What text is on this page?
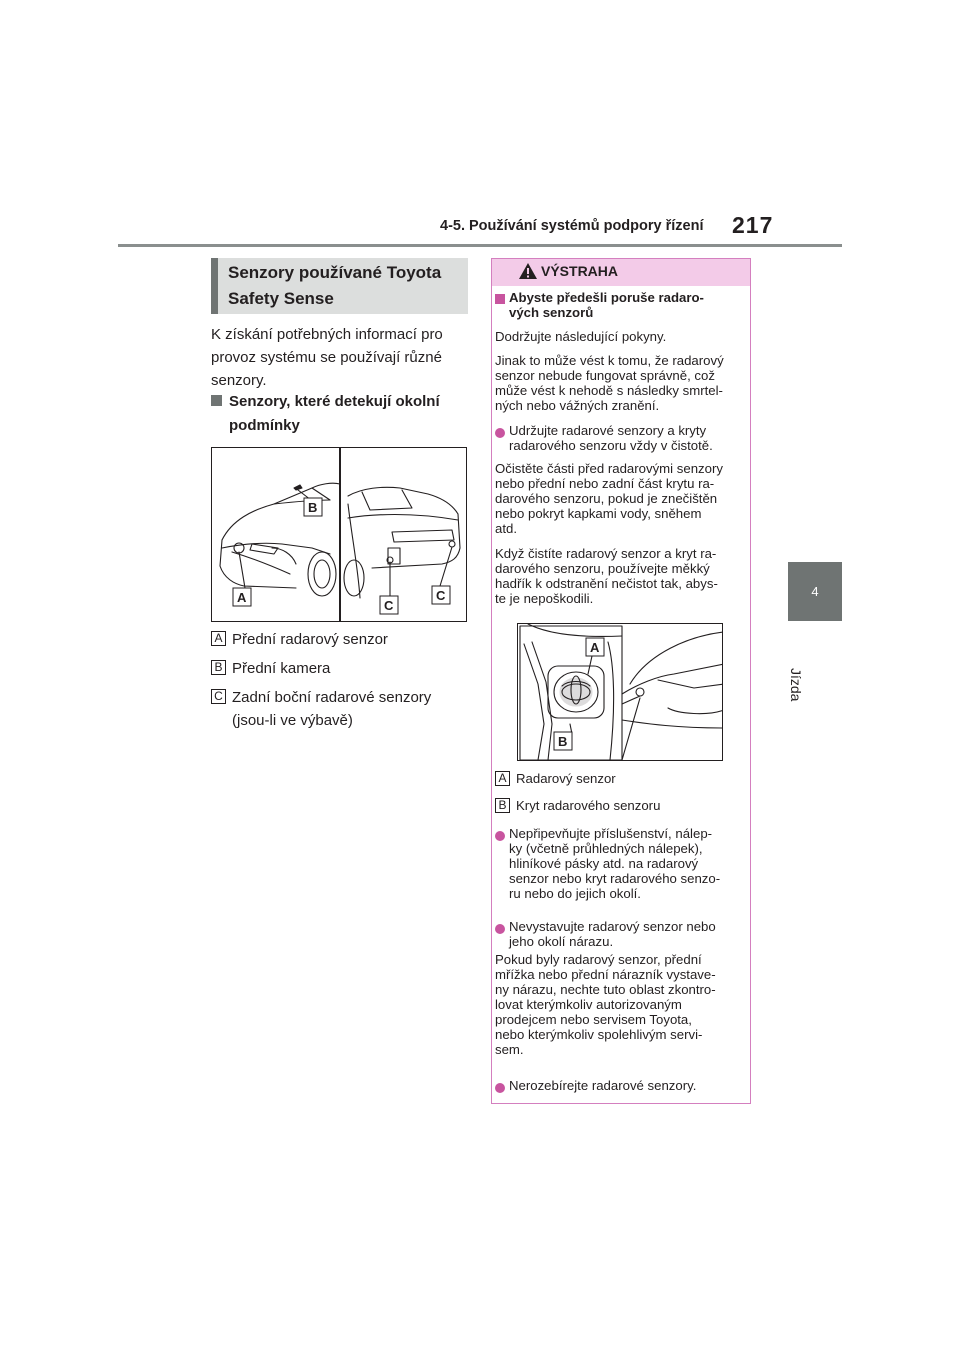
4-5. Používání systémů podpory řízení 217
4
Jízda
Senzory používané Toyota Safety Sense
K získání potřebných informací pro provoz systému se používají různé senzory.
Senzory, které detekují okolní podmínky
A
B
C
C
A Přední radarový senzor
B Přední kamera
C Zadní boční radarové senzory (jsou-li ve výbavě)
VÝSTRAHA
Abyste předešli poruše radaro-
vých senzorů
Dodržujte následující pokyny.
Jinak to může vést k tomu, že radarový
senzor nebude fungovat správně, což
může vést k nehodě s následky smrtel-
ných nebo vážných zranění.
Udržujte radarové senzory a kryty
radarového senzoru vždy v čistotě.
Očistěte části před radarovými senzory
nebo přední nebo zadní část krytu ra-
darového senzoru, pokud je znečištěn
nebo pokryt kapkami vody, sněhem
atd.
Když čistíte radarový senzor a kryt ra-
darového senzoru, používejte měkký
hadřík k odstranění nečistot tak, abys-
te je nepoškodili.
A
B
A Radarový senzor
B Kryt radarového senzoru
Nepřipevňujte příslušenství, nálep-
ky (včetně průhledných nálepek),
hliníkové pásky atd. na radarový
senzor nebo kryt radarového senzo-
ru nebo do jejich okolí.
Nevystavujte radarový senzor nebo
jeho okolí nárazu.
Pokud byly radarový senzor, přední
mřížka nebo přední nárazník vystave-
ny nárazu, nechte tuto oblast zkontro-
lovat kterýmkoliv autorizovaným
prodejcem nebo servisem Toyota,
nebo kterýmkoliv spolehlivým servi-
sem.
Nerozebírejte radarové senzory.
